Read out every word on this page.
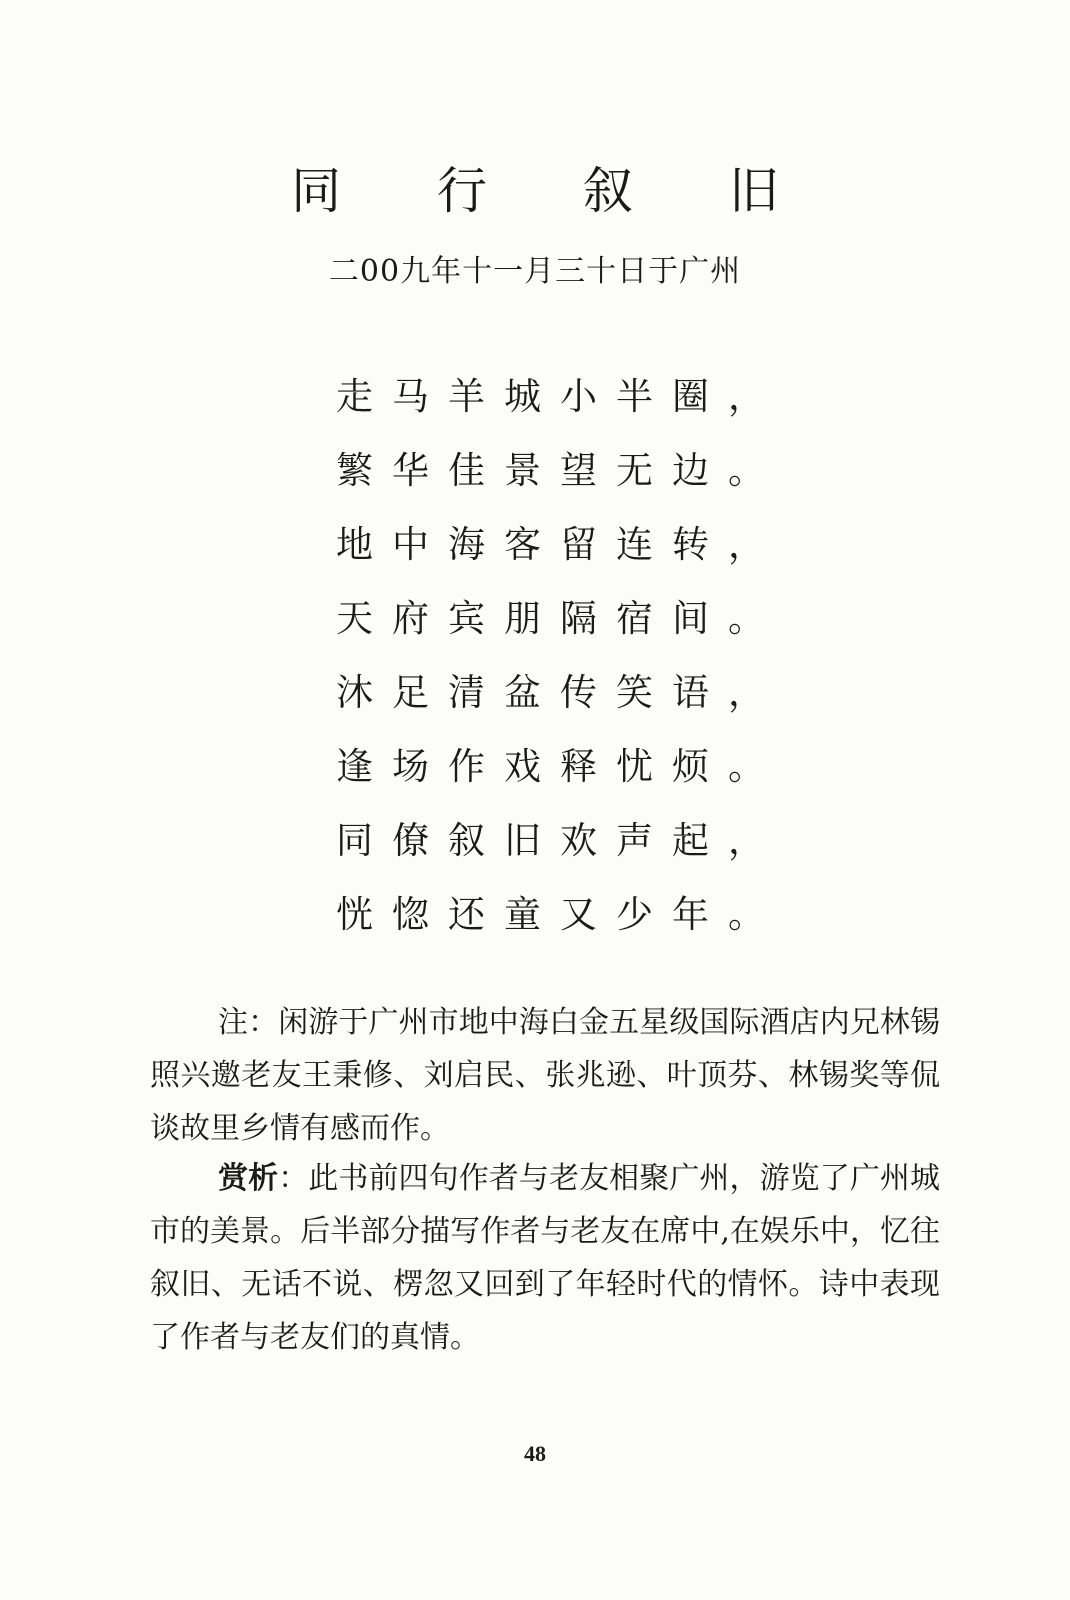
同 行 叙 旧
二00九年十一月三十日于广州
走马羊城小半圈，
繁华佳景望无边。
地中海客留连转，
天府宾朋隔宿间。
沐足清盆传笑语，
逢场作戏释忧烦。
同僚叙旧欢声起，
恍惚还童又少年。

注：闲游于广州市地中海白金五星级国际酒店内兄林锡照兴邀老友王秉修、刘启民、张兆逊、叶顶芬、林锡奖等侃谈故里乡情有感而作。

赏析：此书前四句作者与老友相聚广州，游览了广州城市的美景。后半部分描写作者与老友在席中,在娱乐中，忆往叙旧、无话不说、楞忽又回到了年轻时代的情怀。诗中表现了作者与老友们的真情。

48
